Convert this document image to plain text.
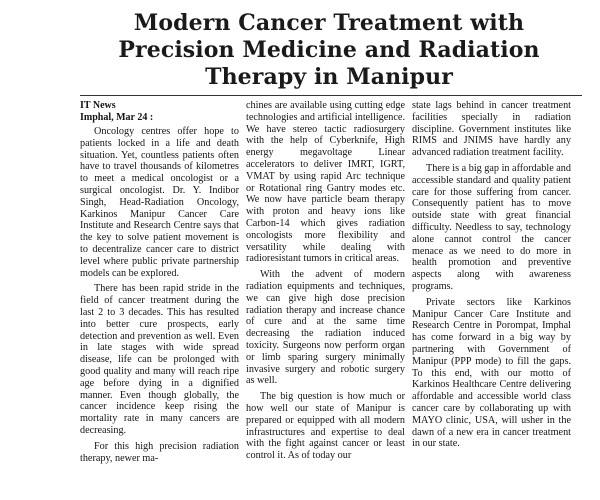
Modern Cancer Treatment with Precision Medicine and Radiation Therapy in Manipur
IT News
Imphal, Mar 24 :

Oncology centres offer hope to patients locked in a life and death situation. Yet, countless patients often have to travel thousands of kilometres to meet a medical oncologist or a surgical oncologist. Dr. Y. Indibor Singh, Head-Radiation Oncology, Karkinos Manipur Cancer Care Institute and Research Centre says that the key to solve patient movement is to decentralize cancer care to district level where public private partnership models can be explored.

There has been rapid stride in the field of cancer treatment during the last 2 to 3 decades. This has resulted into better cure prospects, early detection and prevention as well. Even in late stages with wide spread disease, life can be prolonged with good quality and many will reach ripe age before dying in a dignified manner. Even though globally, the cancer incidence keep rising the mortality rate in many cancers are decreasing.

For this high precision radiation therapy, newer ma-

chines are available using cutting edge technologies and artificial intelligence. We have stereo tactic radiosurgery with the help of Cyberknife, High energy megavoltage Linear accelerators to deliver IMRT, IGRT, VMAT by using rapid Arc technique or Rotational ring Gantry modes etc. We now have particle beam therapy with proton and heavy ions like Carbon-14 which gives radiation oncologists more flexibility and versatility while dealing with radioresistant tumors in critical areas.

With the advent of modern radiation equipments and techniques, we can give high dose precision radiation therapy and increase chance of cure and at the same time decreasing the radiation induced toxicity. Surgeons now perform organ or limb sparing surgery minimally invasive surgery and robotic surgery as well.

The big question is how much or how well our state of Manipur is prepared or equipped with all modern infrastructures and expertise to deal with the fight against cancer or least control it. As of today our

state lags behind in cancer treatment facilities specially in radiation discipline. Government institutes like RIMS and JNIMS have hardly any advanced radiation treatment facility.

There is a big gap in affordable and accessible standard and quality patient care for those suffering from cancer. Consequently patient has to move outside state with great financial difficulty. Needless to say, technology alone cannot control the cancer menace as we need to do more in health promotion and preventive aspects along with awareness programs.

Private sectors like Karkinos Manipur Cancer Care Institute and Research Centre in Porompat, Imphal has come forward in a big way by partnering with Government of Manipur (PPP mode) to fill the gaps. To this end, with our motto of Karkinos Healthcare Centre delivering affordable and accessible world class cancer care by collaborating up with MAYO clinic, USA, will usher in the dawn of a new era in cancer treatment in our state.
